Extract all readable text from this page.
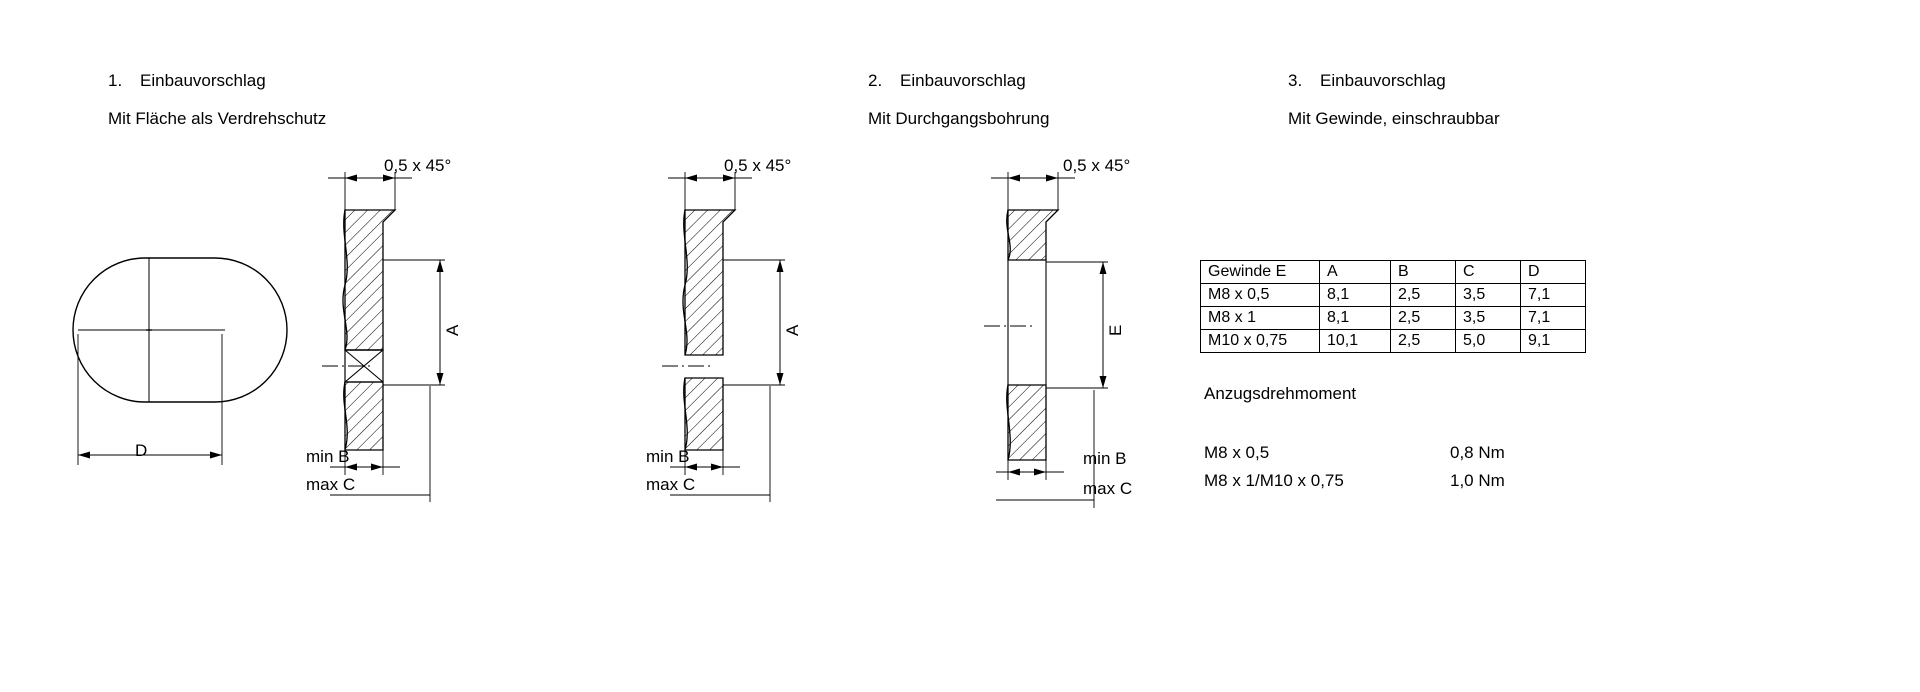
1. Einbauvorschlag
Mit Fläche als Verdrehschutz
2. Einbauvorschlag
Mit Durchgangsbohrung
3. Einbauvorschlag
Mit Gewinde, einschraubbar
D
0,5 x 45°
A
min B
max C
0,5 x 45°
A
min B
max C
0,5 x 45°
E
min B
max C
Gewinde E	A	B	C	D
M8 x 0,5	8,1	2,5	3,5	7,1
M8 x 1	8,1	2,5	3,5	7,1
M10 x 0,75	10,1	2,5	5,0	9,1
Anzugsdrehmoment
M8 x 0,5	0,8 Nm
M8 x 1/M10 x 0,75	1,0 Nm
